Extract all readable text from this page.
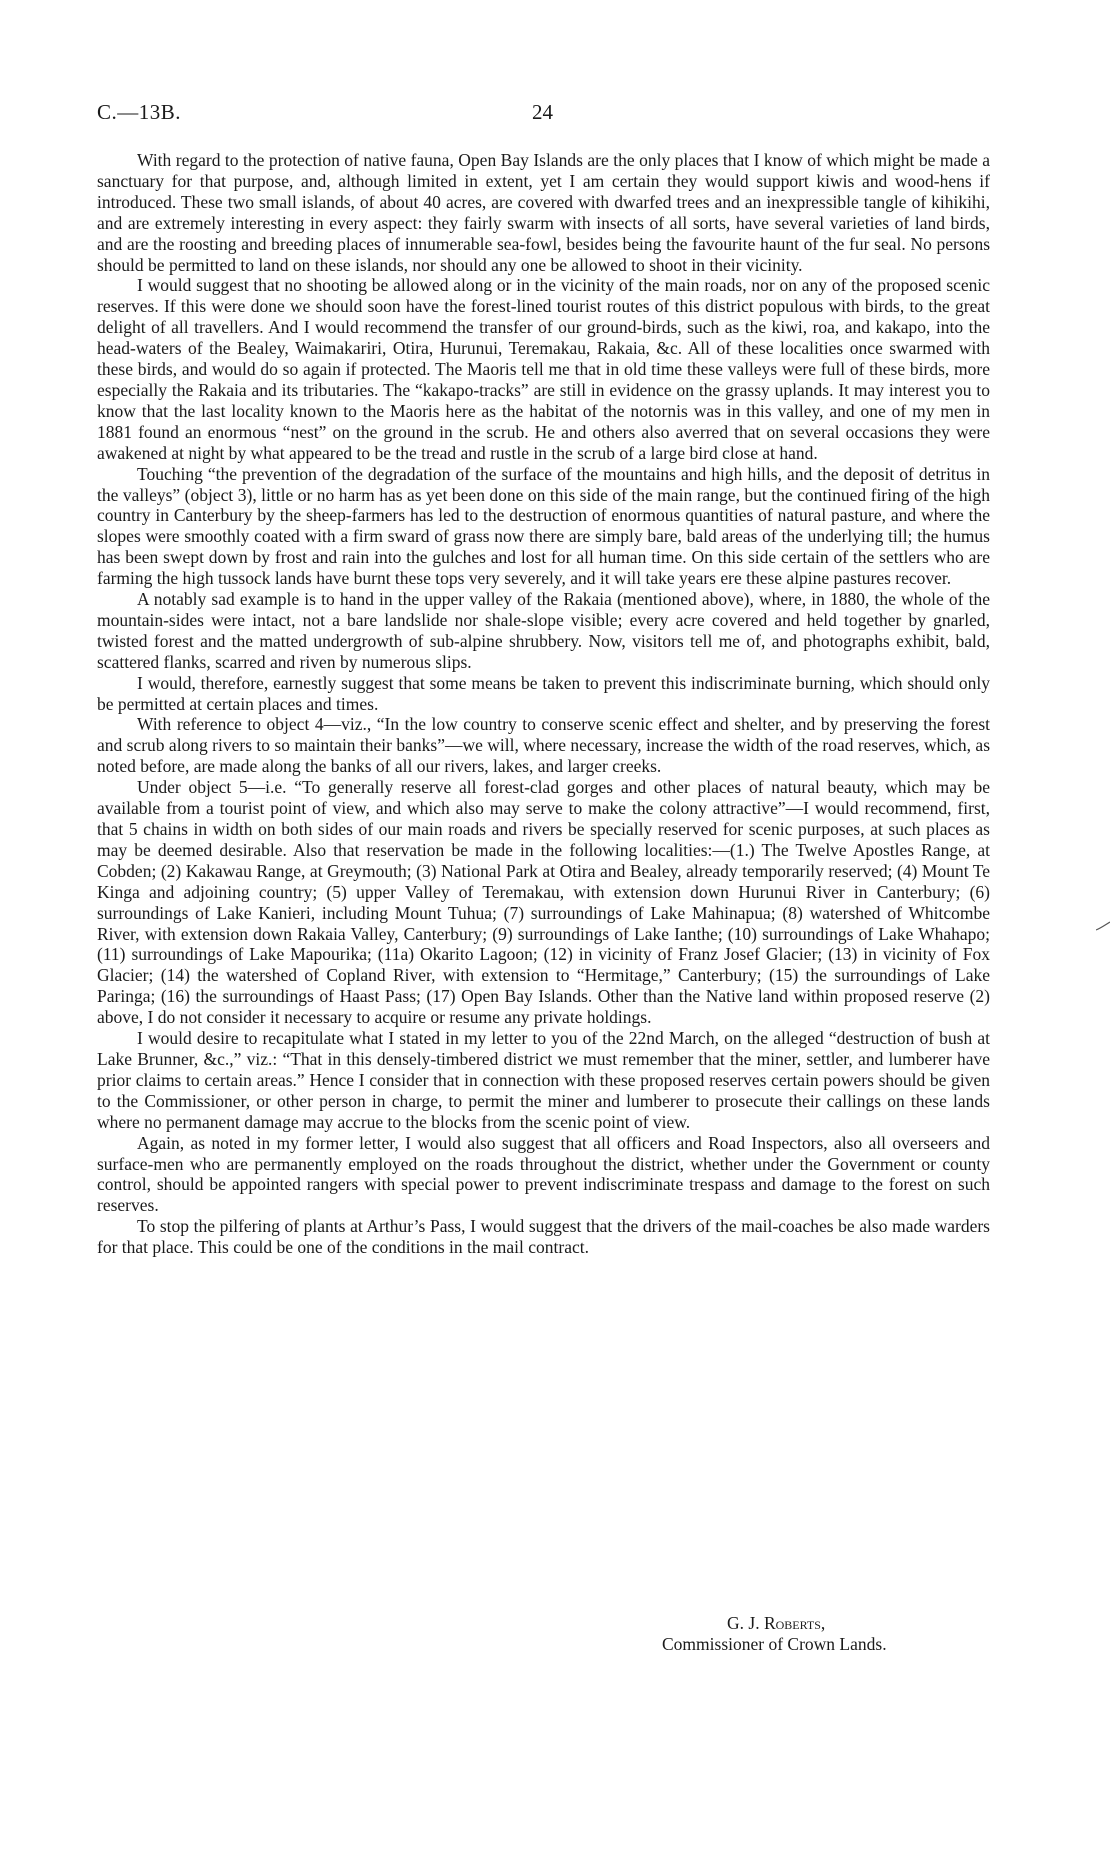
C.—13B.	24

With regard to the protection of native fauna, Open Bay Islands are the only places that I know of which might be made a sanctuary for that purpose, and, although limited in extent, yet I am certain they would support kiwis and wood-hens if introduced. These two small islands, of about 40 acres, are covered with dwarfed trees and an inexpressible tangle of kihikihi, and are extremely interesting in every aspect: they fairly swarm with insects of all sorts, have several varieties of land birds, and are the roosting and breeding places of innumerable sea-fowl, besides being the favourite haunt of the fur seal. No persons should be permitted to land on these islands, nor should any one be allowed to shoot in their vicinity.

I would suggest that no shooting be allowed along or in the vicinity of the main roads, nor on any of the proposed scenic reserves. If this were done we should soon have the forest-lined tourist routes of this district populous with birds, to the great delight of all travellers. And I would recommend the transfer of our ground-birds, such as the kiwi, roa, and kakapo, into the head-waters of the Bealey, Waimakariri, Otira, Hurunui, Teremakau, Rakaia, &c. All of these localities once swarmed with these birds, and would do so again if protected. The Maoris tell me that in old time these valleys were full of these birds, more especially the Rakaia and its tributaries. The “kakapo-tracks” are still in evidence on the grassy uplands. It may interest you to know that the last locality known to the Maoris here as the habitat of the notornis was in this valley, and one of my men in 1881 found an enormous “nest” on the ground in the scrub. He and others also averred that on several occasions they were awakened at night by what appeared to be the tread and rustle in the scrub of a large bird close at hand.

Touching “the prevention of the degradation of the surface of the mountains and high hills, and the deposit of detritus in the valleys” (object 3), little or no harm has as yet been done on this side of the main range, but the continued firing of the high country in Canterbury by the sheep-farmers has led to the destruction of enormous quantities of natural pasture, and where the slopes were smoothly coated with a firm sward of grass now there are simply bare, bald areas of the underlying till; the humus has been swept down by frost and rain into the gulches and lost for all human time. On this side certain of the settlers who are farming the high tussock lands have burnt these tops very severely, and it will take years ere these alpine pastures recover.

A notably sad example is to hand in the upper valley of the Rakaia (mentioned above), where, in 1880, the whole of the mountain-sides were intact, not a bare landslide nor shale-slope visible; every acre covered and held together by gnarled, twisted forest and the matted undergrowth of sub-alpine shrubbery. Now, visitors tell me of, and photographs exhibit, bald, scattered flanks, scarred and riven by numerous slips.

I would, therefore, earnestly suggest that some means be taken to prevent this indiscriminate burning, which should only be permitted at certain places and times.

With reference to object 4—viz., “In the low country to conserve scenic effect and shelter, and by preserving the forest and scrub along rivers to so maintain their banks”—we will, where necessary, increase the width of the road reserves, which, as noted before, are made along the banks of all our rivers, lakes, and larger creeks.

Under object 5—i.e. “To generally reserve all forest-clad gorges and other places of natural beauty, which may be available from a tourist point of view, and which also may serve to make the colony attractive”—I would recommend, first, that 5 chains in width on both sides of our main roads and rivers be specially reserved for scenic purposes, at such places as may be deemed desirable. Also that reservation be made in the following localities:—(1.) The Twelve Apostles Range, at Cobden; (2) Kakawau Range, at Greymouth; (3) National Park at Otira and Bealey, already temporarily reserved; (4) Mount Te Kinga and adjoining country; (5) upper Valley of Teremakau, with extension down Hurunui River in Canterbury; (6) surroundings of Lake Kanieri, including Mount Tuhua; (7) surroundings of Lake Mahinapua; (8) watershed of Whitcombe River, with extension down Rakaia Valley, Canterbury; (9) surroundings of Lake Ianthe; (10) surroundings of Lake Whahapo; (11) surroundings of Lake Mapourika; (11a) Okarito Lagoon; (12) in vicinity of Franz Josef Glacier; (13) in vicinity of Fox Glacier; (14) the watershed of Copland River, with extension to “Hermitage,” Canterbury; (15) the surroundings of Lake Paringa; (16) the surroundings of Haast Pass; (17) Open Bay Islands. Other than the Native land within proposed reserve (2) above, I do not consider it necessary to acquire or resume any private holdings.

I would desire to recapitulate what I stated in my letter to you of the 22nd March, on the alleged “destruction of bush at Lake Brunner, &c.,” viz.: “That in this densely-timbered district we must remember that the miner, settler, and lumberer have prior claims to certain areas.” Hence I consider that in connection with these proposed reserves certain powers should be given to the Commissioner, or other person in charge, to permit the miner and lumberer to prosecute their callings on these lands where no permanent damage may accrue to the blocks from the scenic point of view.

Again, as noted in my former letter, I would also suggest that all officers and Road Inspectors, also all overseers and surface-men who are permanently employed on the roads throughout the district, whether under the Government or county control, should be appointed rangers with special power to prevent indiscriminate trespass and damage to the forest on such reserves.

To stop the pilfering of plants at Arthur’s Pass, I would suggest that the drivers of the mail-coaches be also made warders for that place. This could be one of the conditions in the mail contract.

G. J. Roberts,

Commissioner of Crown Lands.
